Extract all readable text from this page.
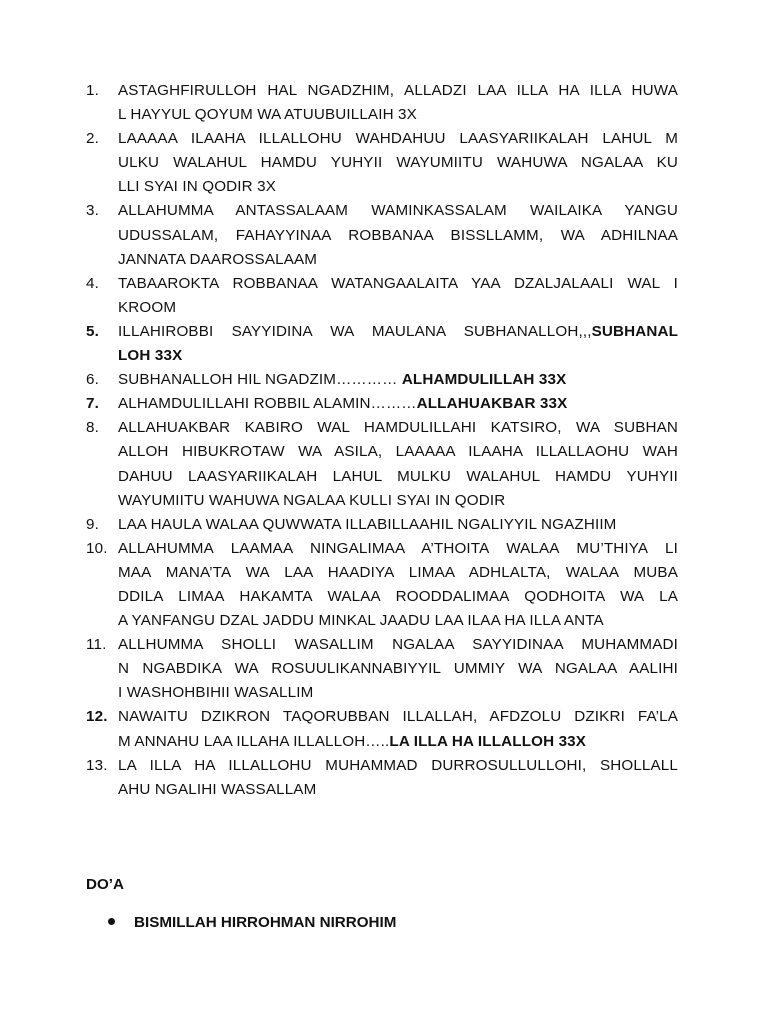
1.	ASTAGHFIRULLOH HAL NGADZHIM, ALLADZI LAA ILLA HA ILLA HUWA
L HAYYUL QOYUM WA ATUUBUILLAIH 3X
2.	LAAAAA ILAAHA ILLALLOHU WAHDAHUU LAASYARIIKALAH LAHUL M
ULKU WALAHUL HAMDU YUHYII WAYUMIITU WAHUWA NGALAA KU
LLI SYAI IN QODIR 3X
3.	ALLAHUMMA ANTASSALAAM WAMINKASSALAM WAILAIKA YANGU
UDUSSALAM, FAHAYYINAA ROBBANAA BISSLLAMM, WA ADHILNAA
JANNATA DAAROSSALAAM
4.	TABAAROKTA ROBBANAA WATANGAALAITA YAA DZALJALAALI WAL I
KROOM
5.	ILLAHIROBBI SAYYIDINA WA MAULANA SUBHANALLOH,,,SUBHANAL
LOH 33X
6.	SUBHANALLOH HIL NGADZIM………… ALHAMDULILLAH 33X
7.	ALHAMDULILLAHI ROBBIL ALAMIN………ALLAHUAKBAR 33X
8.	ALLAHUAKBAR KABIRO WAL HAMDULILLAHI KATSIRO, WA SUBHAN
ALLOH HIBUKROTAW WA ASILA, LAAAAA ILAAHA ILLALLAOHU WAH
DAHUU LAASYARIIKALAH LAHUL MULKU WALAHUL HAMDU YUHYII
WAYUMIITU WAHUWA NGALAA KULLI SYAI IN QODIR
9.	LAA HAULA WALAA QUWWATA ILLABILLAAHIL NGALIYYIL NGAZHIIM
10. ALLAHUMMA LAAMAA NINGALIMAA A’THOITA WALAA MU’THIYA LI
MAA MANA’TA WA LAA HAADIYA LIMAA ADHLALTA, WALAA MUBA
DDILA LIMAA HAKAMTA WALAA ROODDALIMAA QODHOITA WA LA
A YANFANGU DZAL JADDU MINKAL JAADU LAA ILAA HA ILLA ANTA
11. ALLHUMMA SHOLLI WASALLIM NGALAA SAYYIDINAA MUHAMMADI
N NGABDIKA WA ROSUULIKANNABIYYIL UMMIY WA NGALAA AALIHI
I WASHOHBIHII WASALLIM
12. NAWAITU DZIKRON TAQORUBBAN ILLALLAH, AFDZOLU DZIKRI FA’LA
M ANNAHU LAA ILLAHA ILLALLOH…..LA ILLA HA ILLALLOH 33X
13. LA ILLA HA ILLALLOHU MUHAMMAD DURROSULLULLOHI, SHOLLALL
AHU NGALIHI WASSALLAM
DO’A
BISMILLAH HIRROHMAN NIRROHIM
